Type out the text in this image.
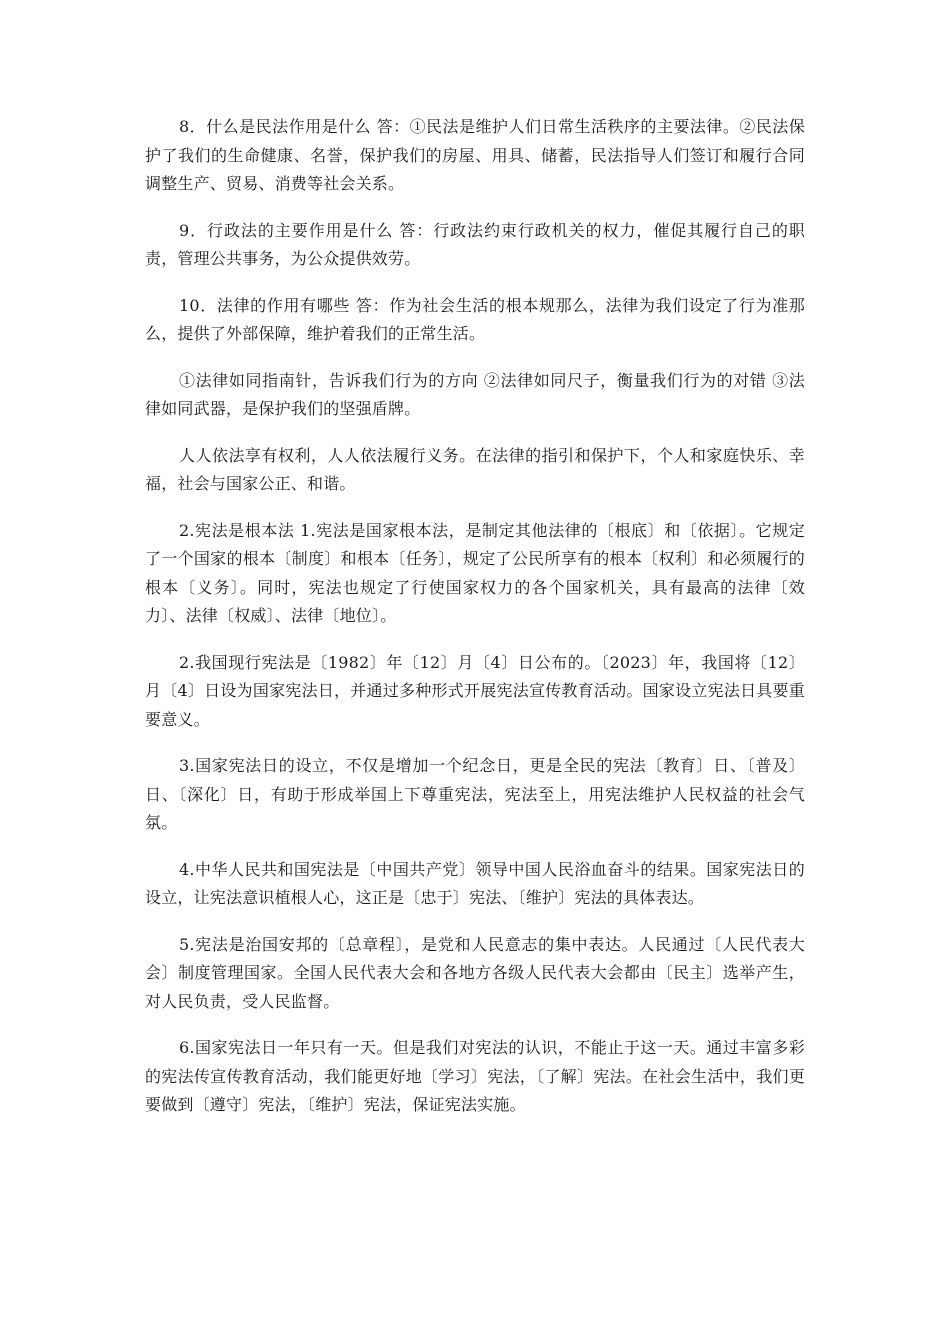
8．什么是民法作用是什么 答：①民法是维护人们日常生活秩序的主要法律。②民法保护了我们的生命健康、名誉，保护我们的房屋、用具、储蓄，民法指导人们签订和履行合同调整生产、贸易、消费等社会关系。

9．行政法的主要作用是什么 答：行政法约束行政机关的权力，催促其履行自己的职责，管理公共事务，为公众提供效劳。

10．法律的作用有哪些 答：作为社会生活的根本规那么，法律为我们设定了行为准那么，提供了外部保障，维护着我们的正常生活。

①法律如同指南针，告诉我们行为的方向 ②法律如同尺子，衡量我们行为的对错 ③法律如同武器，是保护我们的坚强盾牌。

人人依法享有权利，人人依法履行义务。在法律的指引和保护下，个人和家庭快乐、幸福，社会与国家公正、和谐。

2.宪法是根本法 1.宪法是国家根本法，是制定其他法律的〔根底〕和〔依据〕。它规定了一个国家的根本〔制度〕和根本〔任务〕，规定了公民所享有的根本〔权利〕和必须履行的根本〔义务〕。同时，宪法也规定了行使国家权力的各个国家机关，具有最高的法律〔效力〕、法律〔权威〕、法律〔地位〕。

2.我国现行宪法是〔1982〕年〔12〕月〔4〕日公布的。〔2023〕年，我国将〔12〕月〔4〕日设为国家宪法日，并通过多种形式开展宪法宣传教育活动。国家设立宪法日具要重要意义。

3.国家宪法日的设立，不仅是增加一个纪念日，更是全民的宪法〔教育〕日、〔普及〕日、〔深化〕日，有助于形成举国上下尊重宪法，宪法至上，用宪法维护人民权益的社会气氛。

4.中华人民共和国宪法是〔中国共产党〕领导中国人民浴血奋斗的结果。国家宪法日的设立，让宪法意识植根人心，这正是〔忠于〕宪法、〔维护〕宪法的具体表达。

5.宪法是治国安邦的〔总章程〕，是党和人民意志的集中表达。人民通过〔人民代表大会〕制度管理国家。全国人民代表大会和各地方各级人民代表大会都由〔民主〕选举产生，对人民负责，受人民监督。

6.国家宪法日一年只有一天。但是我们对宪法的认识，不能止于这一天。通过丰富多彩的宪法传宣传教育活动，我们能更好地〔学习〕宪法，〔了解〕宪法。在社会生活中，我们更要做到〔遵守〕宪法，〔维护〕宪法，保证宪法实施。
